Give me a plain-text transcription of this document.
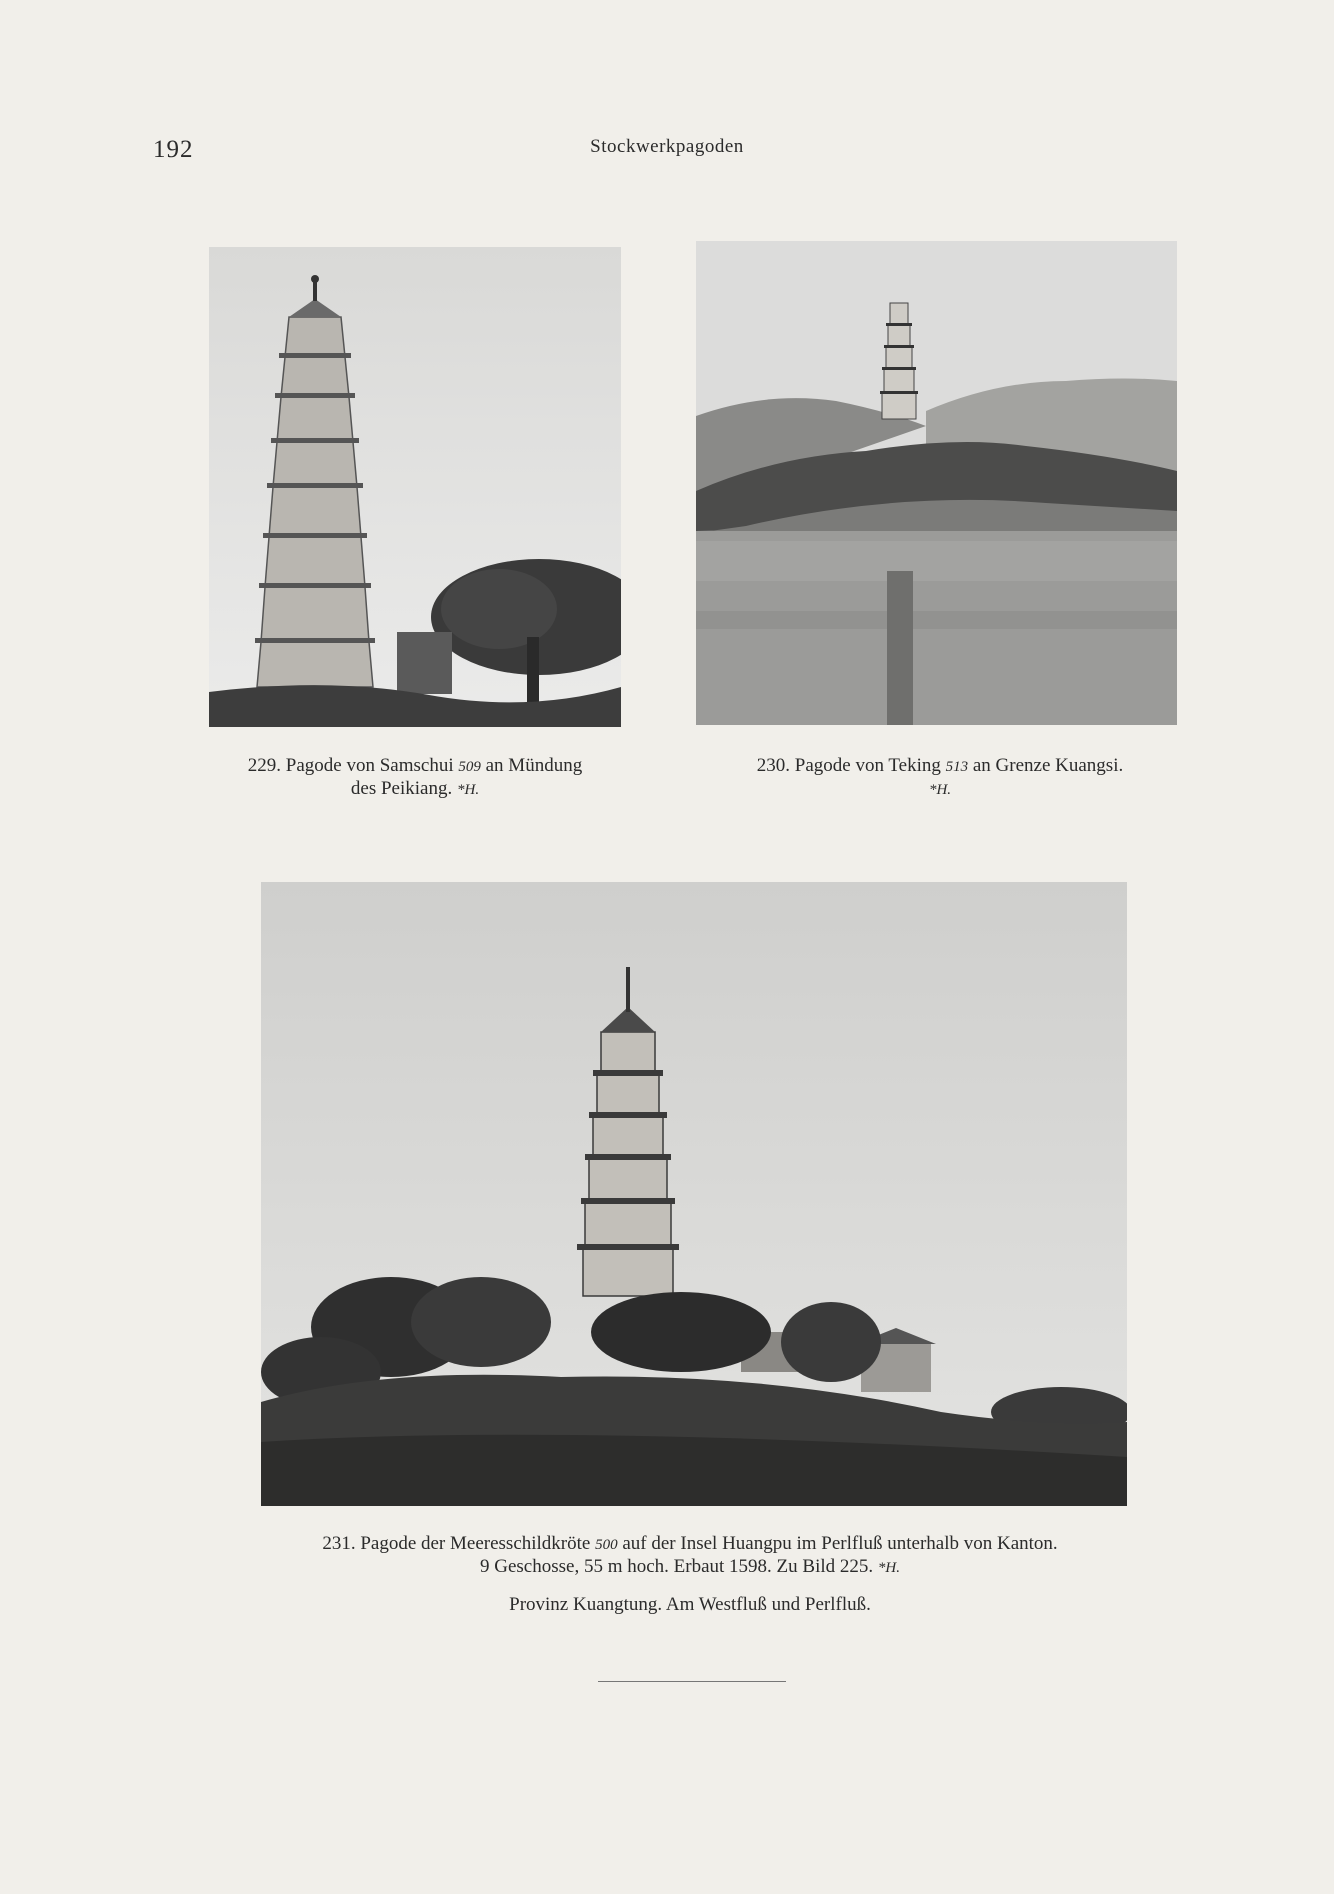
192	Stockwerkpagoden
229. Pagode von Samschui 509 an Mündung
des Peikiang. *H.
230. Pagode von Teking 513 an Grenze Kuangsi.
*H.
231. Pagode der Meeresschildkröte 500 auf der Insel Huangpu im Perlfluß unterhalb von Kanton.
9 Geschosse, 55 m hoch. Erbaut 1598. Zu Bild 225. *H.
Provinz Kuangtung. Am Westfluß und Perlfluß.
